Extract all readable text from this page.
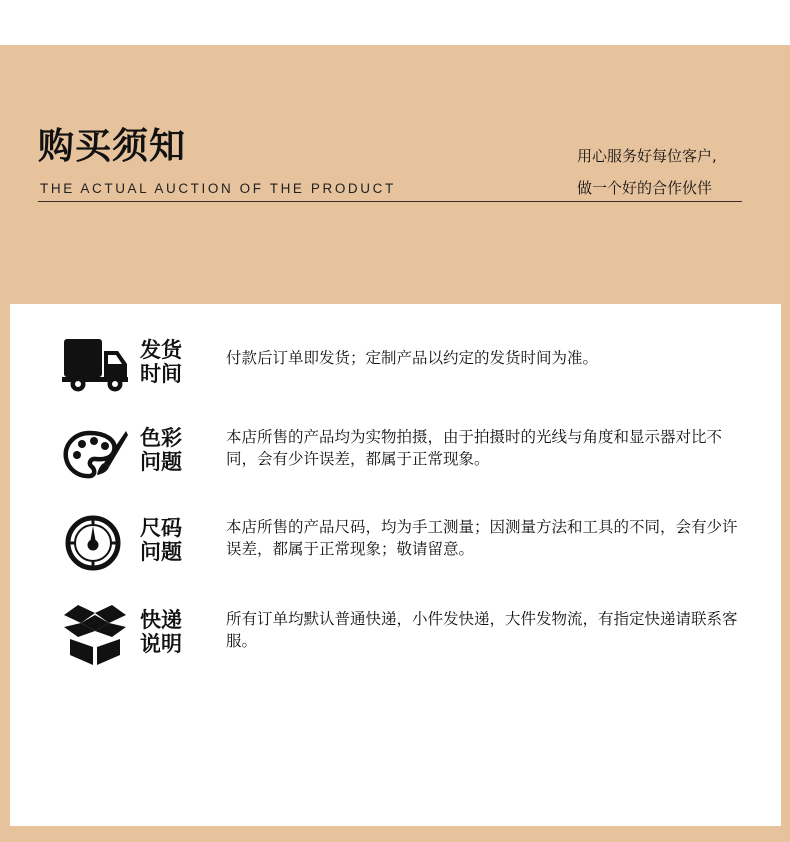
购买须知
THE ACTUAL AUCTION OF THE PRODUCT
用心服务好每位客户,
做一个好的合作伙伴
发货
时间
付款后订单即发货；定制产品以约定的发货时间为准。
色彩
问题
本店所售的产品均为实物拍摄，由于拍摄时的光线与角度和显示器对比不同，会有少许误差，都属于正常现象。
尺码
问题
本店所售的产品尺码，均为手工测量；因测量方法和工具的不同，会有少许误差，都属于正常现象；敬请留意。
快递
说明
所有订单均默认普通快递，小件发快递，大件发物流，有指定快递请联系客服。
